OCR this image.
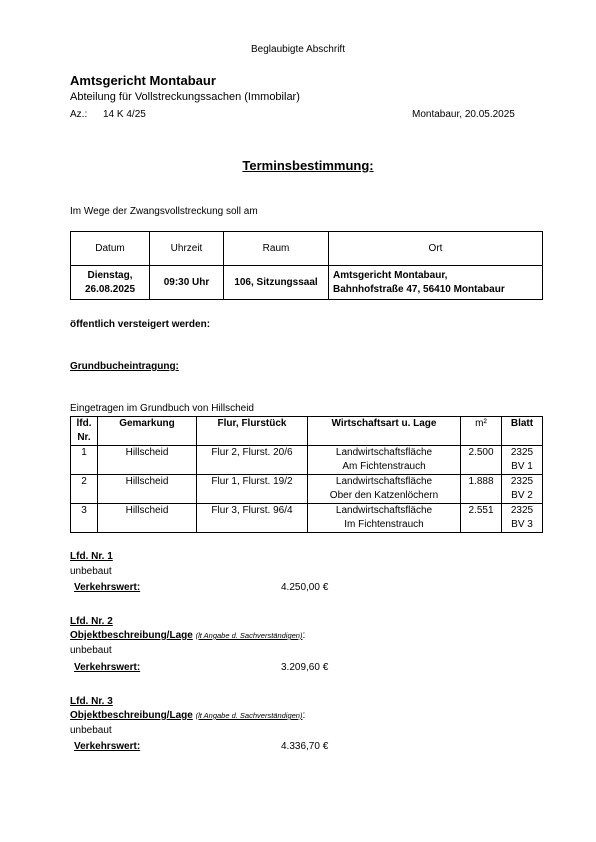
Beglaubigte Abschrift
Amtsgericht Montabaur
Abteilung für Vollstreckungssachen (Immobilar)
Az.: 14 K 4/25	Montabaur, 20.05.2025
Terminsbestimmung:
Im Wege der Zwangsvollstreckung soll am
Datum	Uhrzeit	Raum	Ort
Dienstag,
26.08.2025	09:30 Uhr	106, Sitzungssaal	Amtsgericht Montabaur,
Bahnhofstraße 47, 56410 Montabaur
öffentlich versteigert werden:
Grundbucheintragung:
Eingetragen im Grundbuch von Hillscheid
lfd.
Nr.	Gemarkung	Flur, Flurstück	Wirtschaftsart u. Lage	m²	Blatt
1	Hillscheid	Flur 2, Flurst. 20/6	Landwirtschaftsfläche
Am Fichtenstrauch	2.500	2325
BV 1
2	Hillscheid	Flur 1, Flurst. 19/2	Landwirtschaftsfläche
Ober den Katzenlöchern	1.888	2325
BV 2
3	Hillscheid	Flur 3, Flurst. 96/4	Landwirtschaftsfläche
Im Fichtenstrauch	2.551	2325
BV 3
Lfd. Nr. 1
unbebaut
Verkehrswert:	4.250,00 €
Lfd. Nr. 2
Objektbeschreibung/Lage (lt Angabe d. Sachverständigen):
unbebaut
Verkehrswert:	3.209,60 €
Lfd. Nr. 3
Objektbeschreibung/Lage (lt Angabe d. Sachverständigen):
unbebaut
Verkehrswert:	4.336,70 €
